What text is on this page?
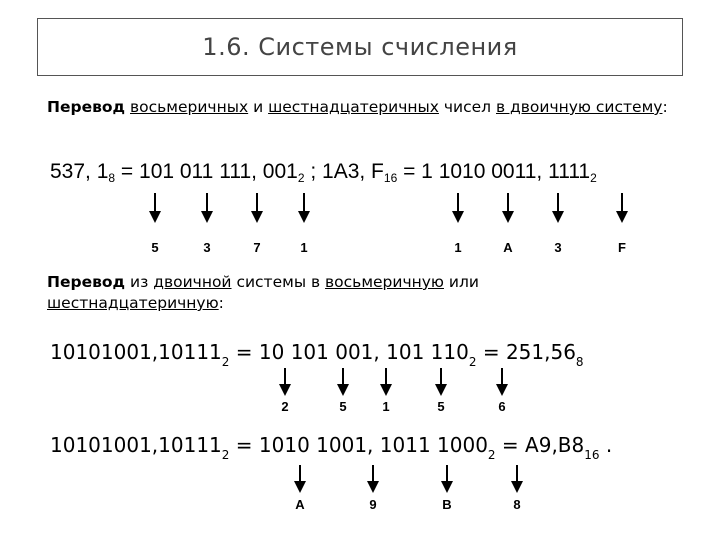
1.6. Системы счисления
Перевод восьмеричных и шестнадцатеричных чисел в двоичную систему:
537, $1_8 = 101$ 011 111, $001_2$ ; 1A3, $F_{16} = 1$ 1010 0011, $1111_2$
5	3	7	1	1	A	3	F
Перевод из двоичной системы в восьмеричную или
шестнадцатеричную:
$10101001,10111_2 = 10$ 101 001, 101 $110_2 = 251,56_8$
2	5	1	5	6
$10101001,10111_2 = 1010$ 1001, 1011 $1000_2 = A9,B8_{16}$ .
A	9	B	8
